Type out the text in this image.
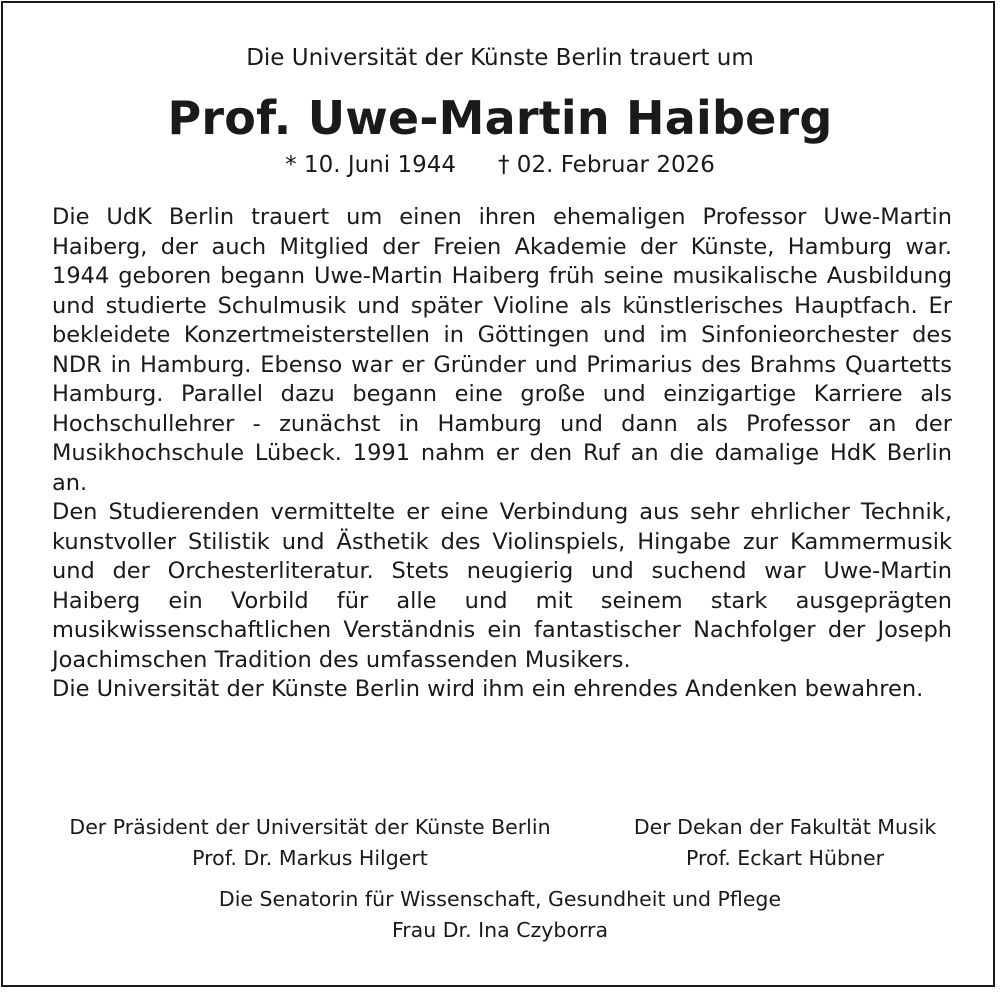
Die Universität der Künste Berlin trauert um
Prof. Uwe-Martin Haiberg
* 10. Juni 1944 † 02. Februar 2026
Die UdK Berlin trauert um einen ihren ehemaligen Professor Uwe-Martin Haiberg, der auch Mitglied der Freien Akademie der Künste, Hamburg war. 1944 geboren begann Uwe-Martin Haiberg früh seine musikalische Ausbildung und studierte Schulmusik und später Violine als künstlerisches Hauptfach. Er bekleidete Konzertmeisterstellen in Göttingen und im Sinfonieorchester des NDR in Hamburg. Ebenso war er Gründer und Primarius des Brahms Quartetts Hamburg. Parallel dazu begann eine große und einzigartige Karriere als Hochschullehrer - zunächst in Hamburg und dann als Professor an der Musikhochschule Lübeck. 1991 nahm er den Ruf an die damalige HdK Berlin an.
Den Studierenden vermittelte er eine Verbindung aus sehr ehrlicher Technik, kunstvoller Stilistik und Ästhetik des Violinspiels, Hingabe zur Kammermusik und der Orchesterliteratur. Stets neugierig und suchend war Uwe-Martin Haiberg ein Vorbild für alle und mit seinem stark ausgeprägten musikwissenschaftlichen Verständnis ein fantastischer Nachfolger der Joseph Joachimschen Tradition des umfassenden Musikers.
Die Universität der Künste Berlin wird ihm ein ehrendes Andenken bewahren.
Der Präsident der Universität der Künste Berlin
Prof. Dr. Markus Hilgert
Der Dekan der Fakultät Musik
Prof. Eckart Hübner
Die Senatorin für Wissenschaft, Gesundheit und Pflege
Frau Dr. Ina Czyborra
